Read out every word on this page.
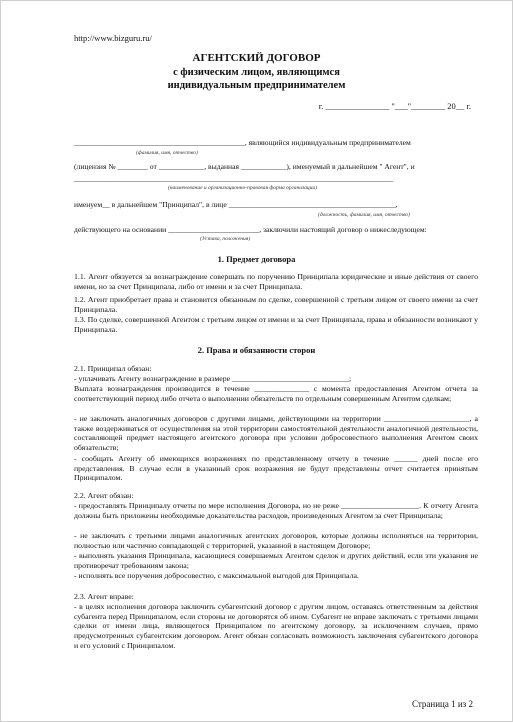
http://www.bizguru.ru/
АГЕНТСКИЙ ДОГОВОР
с физическим лицом, являющимся
индивидуальным предпринимателем
г. _______________ "___"________ 20__ г.
_____________________________________________, являющийся индивидуальным предпринимателем
(фамилия, имя, отчество)
(лицензия № ________ от ____________, выданная ____________), именуемый в дальнейшем " Агент", и
____________________________________________________________________________________
(наименование и организационно-правовая форма организации)
именуем__ в дальнейшем "Принципал", в лице ____________________________________________,
(должность, фамилия, имя, отчество)
действующего на основании ________________________, заключили настоящий договор о нижеследующем:
(Устава, положения)
1. Предмет договора
1.1. Агент обязуется за вознаграждение совершать по поручению Принципала юридические и иные действия от своего имени, но за счет Принципала, либо от имени и за счет Принципала.
1.2. Агент приобретает права и становится обязанным по сделке, совершенной с третьим лицом от своего имени за счет Принципала.
1.3. По сделке, совершенной Агентом с третьим лицом от имени и за счет Принципала, права и обязанности возникают у Принципала.
2. Права и обязанности сторон
2.1. Принципал обязан:
- уплачивать Агенту вознаграждение в размере ______________________________;
Выплата вознаграждения производится в течение ______________ с момента предоставления Агентом отчета за соответствующий период либо отчета о выполнении обязательств по отдельным совершенным Агентом сделкам;
- не заключать аналогичных договоров с другими лицами, действующими на территории ______________________, а также воздерживаться от осуществления на этой территории самостоятельной деятельности аналогичной деятельности, составляющей предмет настоящего агентского договора при условии добросовестного выполнения Агентом своих обязательств;
- сообщать Агенту об имеющихся возражениях по представленному отчету в течение ______ дней после его представления. В случае если в указанный срок возражения не будут представлены отчет считается принятым Принципалом.
2.2. Агент обязан:
- предоставлять Принципалу отчеты по мере исполнения Договора, но не реже ____________________. К отчету Агента должны быть приложены необходимые доказательства расходов, произведенных Агентом за счет Принципала;
- не заключать с третьими лицами аналогичных агентских договоров, которые должны исполняться на территории, полностью или частично совпадающей с территорией, указанной в настоящем Договоре;
- выполнять указания Принципала, касающиеся совершаемых Агентом сделок и других действий, если эти указания не противоречат требованиям закона;
- исполнять все поручения добросовестно, с максимальной выгодой для Принципала.
2.3. Агент вправе:
- в целях исполнения договора заключить субагентский договор с другим лицом, оставаясь ответственным за действия субагента перед Принципалом, если стороны не договорятся об ином. Субагент не вправе заключать с третьими лицами сделки от имени лица, являющегося Принципалом по агентскому договору, за исключением случаев, прямо предусмотренных субагентским договором. Агент обязан согласовать возможность заключения субагентского договора и его условий с Принципалом.
Страница 1 из 2
